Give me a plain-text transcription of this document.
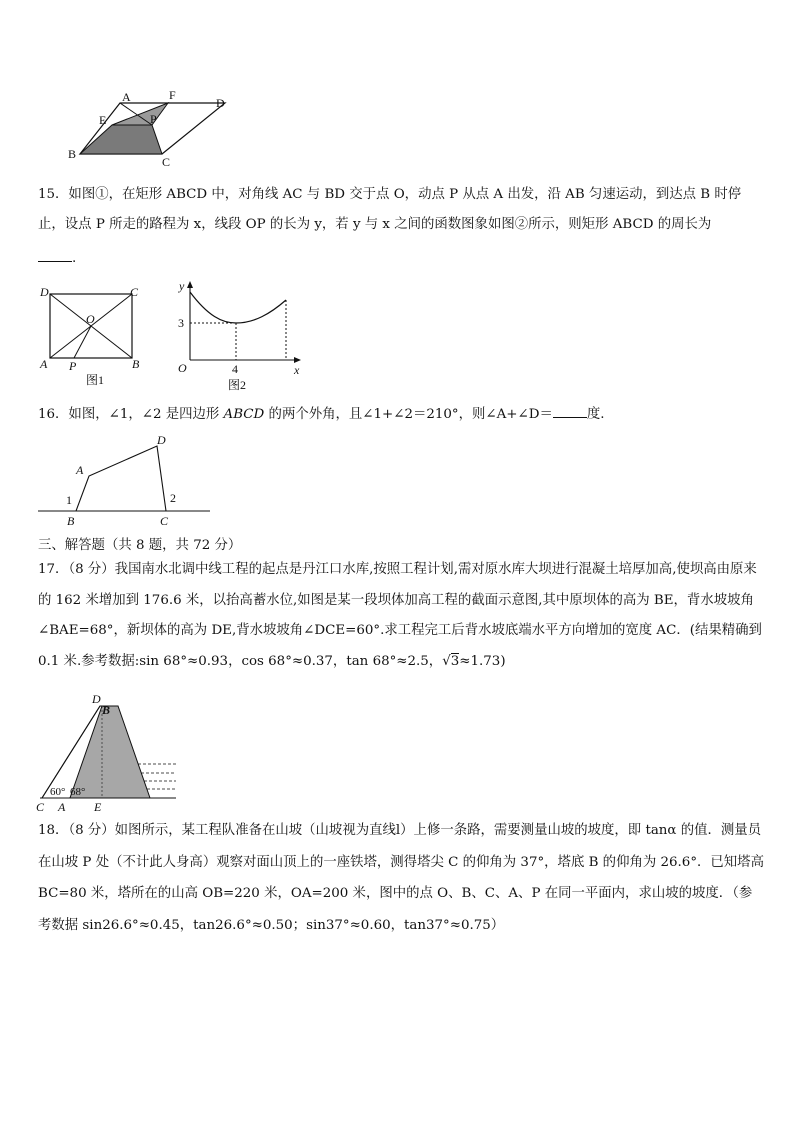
A	F
D
E	P
B
C

15．如图①，在矩形 ABCD 中，对角线 AC 与 BD 交于点 O，动点 P 从点 A 出发，沿 AB 匀速运动，到达点 B 时停止，设点 P 所走的路程为 x，线段 OP 的长为 y，若 y 与 x 之间的函数图象如图②所示，则矩形 ABCD 的周长为

.

D	C
O
A P	B
图1
y
x
O
3
4
图2

16．如图，∠1，∠2 是四边形 ABCD 的两个外角，且∠1+∠2＝210°，则∠A+∠D＝	度.

A
D
B	C
1	2

三、解答题（共 8 题，共 72 分）

17．（8 分）我国南水北调中线工程的起点是丹江口水库,按照工程计划,需对原水库大坝进行混凝土培厚加高,使坝高由原来的 162 米增加到 176.6 米，以抬高蓄水位,如图是某一段坝体加高工程的截面示意图,其中原坝体的高为 BE，背水坡坡角∠BAE=68°，新坝体的高为 DE,背水坡坡角∠DCE=60°.求工程完工后背水坡底端水平方向增加的宽度 AC．(结果精确到 0.1 米.参考数据:sin 68°≈0.93，cos 68°≈0.37，tan 68°≈2.5，√3≈1.73)

D
B
C A E
60° 68°

18．（8 分）如图所示，某工程队准备在山坡（山坡视为直线l）上修一条路，需要测量山坡的坡度，即 tanα 的值．测量员在山坡 P 处（不计此人身高）观察对面山顶上的一座铁塔，测得塔尖 C 的仰角为 37°，塔底 B 的仰角为 26.6°．已知塔高 BC=80 米，塔所在的山高 OB=220 米，OA=200 米，图中的点 O、B、C、A、P 在同一平面内，求山坡的坡度．（参考数据 sin26.6°≈0.45，tan26.6°≈0.50；sin37°≈0.60，tan37°≈0.75）
